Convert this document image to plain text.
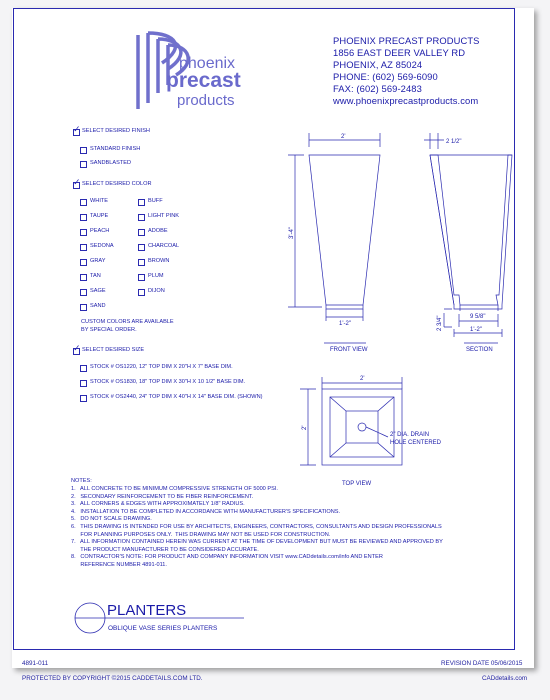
phoenix
precast
products
PHOENIX PRECAST PRODUCTS
1856 EAST DEER VALLEY RD
PHOENIX, AZ 85024
PHONE: (602) 569-6090
FAX: (602) 569-2483
www.phoenixprecastproducts.com
✓
SELECT DESIRED FINISH
STANDARD FINISH
SANDBLASTED
✓
SELECT DESIRED COLOR
WHITE
TAUPE
PEACH
SEDONA
GRAY
TAN
SAGE
SAND
BUFF
LIGHT PINK
ADOBE
CHARCOAL
BROWN
PLUM
DIJON
CUSTOM COLORS ARE AVAILABLE
BY SPECIAL ORDER.
✓
SELECT DESIRED SIZE
STOCK # OS1220, 12" TOP DIM X 20"H X 7" BASE DIM.
STOCK # OS1830, 18" TOP DIM X 30"H X 10 1/2" BASE DIM.
STOCK # OS2440, 24" TOP DIM X 40"H X 14" BASE DIM. (SHOWN)
2'
3'-4"
1'-2"
FRONT VIEW
2 1/2"
2 3/4"	9 5/8"
1'-2"
SECTION
2'
2'
2" DIA. DRAIN
HOLE CENTERED
TOP VIEW
NOTES:
1.   ALL CONCRETE TO BE MINIMUM COMPRESSIVE STRENGTH OF 5000 PSI.
2.   SECONDARY REINFORCEMENT TO BE FIBER REINFORCEMENT.
3.   ALL CORNERS & EDGES WITH APPROXIMATELY 1/8" RADIUS.
4.   INSTALLATION TO BE COMPLETED IN ACCORDANCE WITH MANUFACTURER'S SPECIFICATIONS.
5.   DO NOT SCALE DRAWING.
6.   THIS DRAWING IS INTENDED FOR USE BY ARCHITECTS, ENGINEERS, CONTRACTORS, CONSULTANTS AND DESIGN PROFESSIONALS
FOR PLANNING PURPOSES ONLY.  THIS DRAWING MAY NOT BE USED FOR CONSTRUCTION.
7.   ALL INFORMATION CONTAINED HEREIN WAS CURRENT AT THE TIME OF DEVELOPMENT BUT MUST BE REVIEWED AND APPROVED BY
THE PRODUCT MANUFACTURER TO BE CONSIDERED ACCURATE.
8.   CONTRACTOR'S NOTE: FOR PRODUCT AND COMPANY INFORMATION VISIT www.CADdetails.com/info AND ENTER
REFERENCE NUMBER 4891-011.
PLANTERS
OBLIQUE VASE SERIES PLANTERS
4891-011	REVISION DATE 05/06/2015
PROTECTED BY COPYRIGHT ©2015 CADDETAILS.COM LTD.	CADdetails.com
